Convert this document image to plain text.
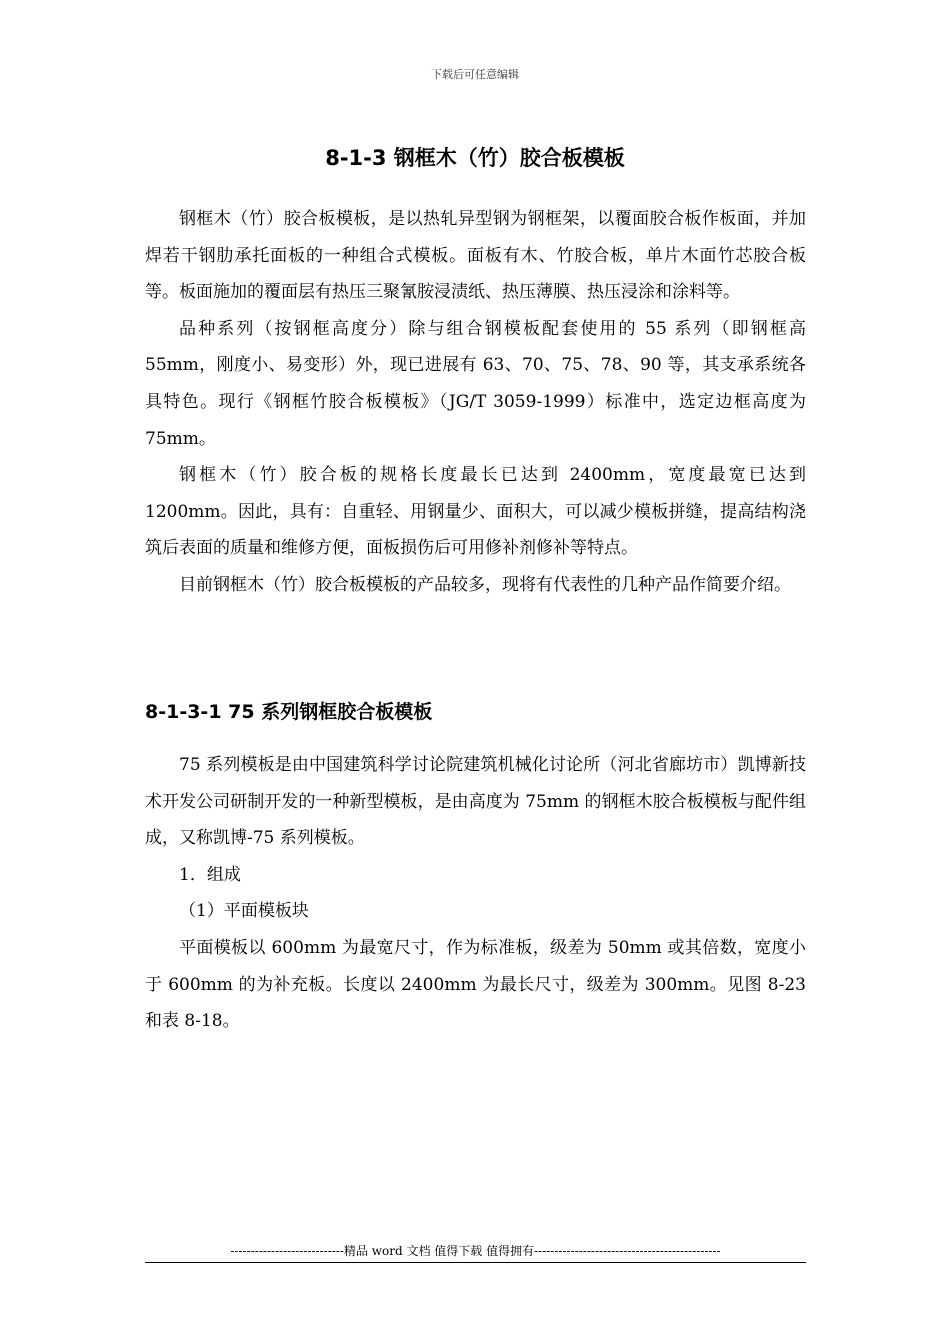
下载后可任意编辑
8-1-3 钢框木（竹）胶合板模板

钢框木（竹）胶合板模板，是以热轧异型钢为钢框架，以覆面胶合板作板面，并加焊若干钢肋承托面板的一种组合式模板。面板有木、竹胶合板，单片木面竹芯胶合板等。板面施加的覆面层有热压三聚氰胺浸渍纸、热压薄膜、热压浸涂和涂料等。

品种系列（按钢框高度分）除与组合钢模板配套使用的 55 系列（即钢框高 55mm，刚度小、易变形）外，现已进展有 63、70、75、78、90 等，其支承系统各具特色。现行《钢框竹胶合板模板》（JG/T 3059-1999）标准中，选定边框高度为 75mm。

钢框木（竹）胶合板的规格长度最长已达到 2400mm，宽度最宽已达到 1200mm。因此，具有：自重轻、用钢量少、面积大，可以减少模板拼缝，提高结构浇筑后表面的质量和维修方便，面板损伤后可用修补剂修补等特点。

目前钢框木（竹）胶合板模板的产品较多，现将有代表性的几种产品作简要介绍。

8-1-3-1 75 系列钢框胶合板模板

75 系列模板是由中国建筑科学讨论院建筑机械化讨论所（河北省廊坊市）凯博新技术开发公司研制开发的一种新型模板，是由高度为 75mm 的钢框木胶合板模板与配件组成，又称凯博-75 系列模板。

1．组成

（1）平面模板块

平面模板以 600mm 为最宽尺寸，作为标准板，级差为 50mm 或其倍数，宽度小于 600mm 的为补充板。长度以 2400mm 为最长尺寸，级差为 300mm。见图 8-23 和表 8-18。

----------------------------精品 word 文档 值得下载 值得拥有----------------------------------------------
